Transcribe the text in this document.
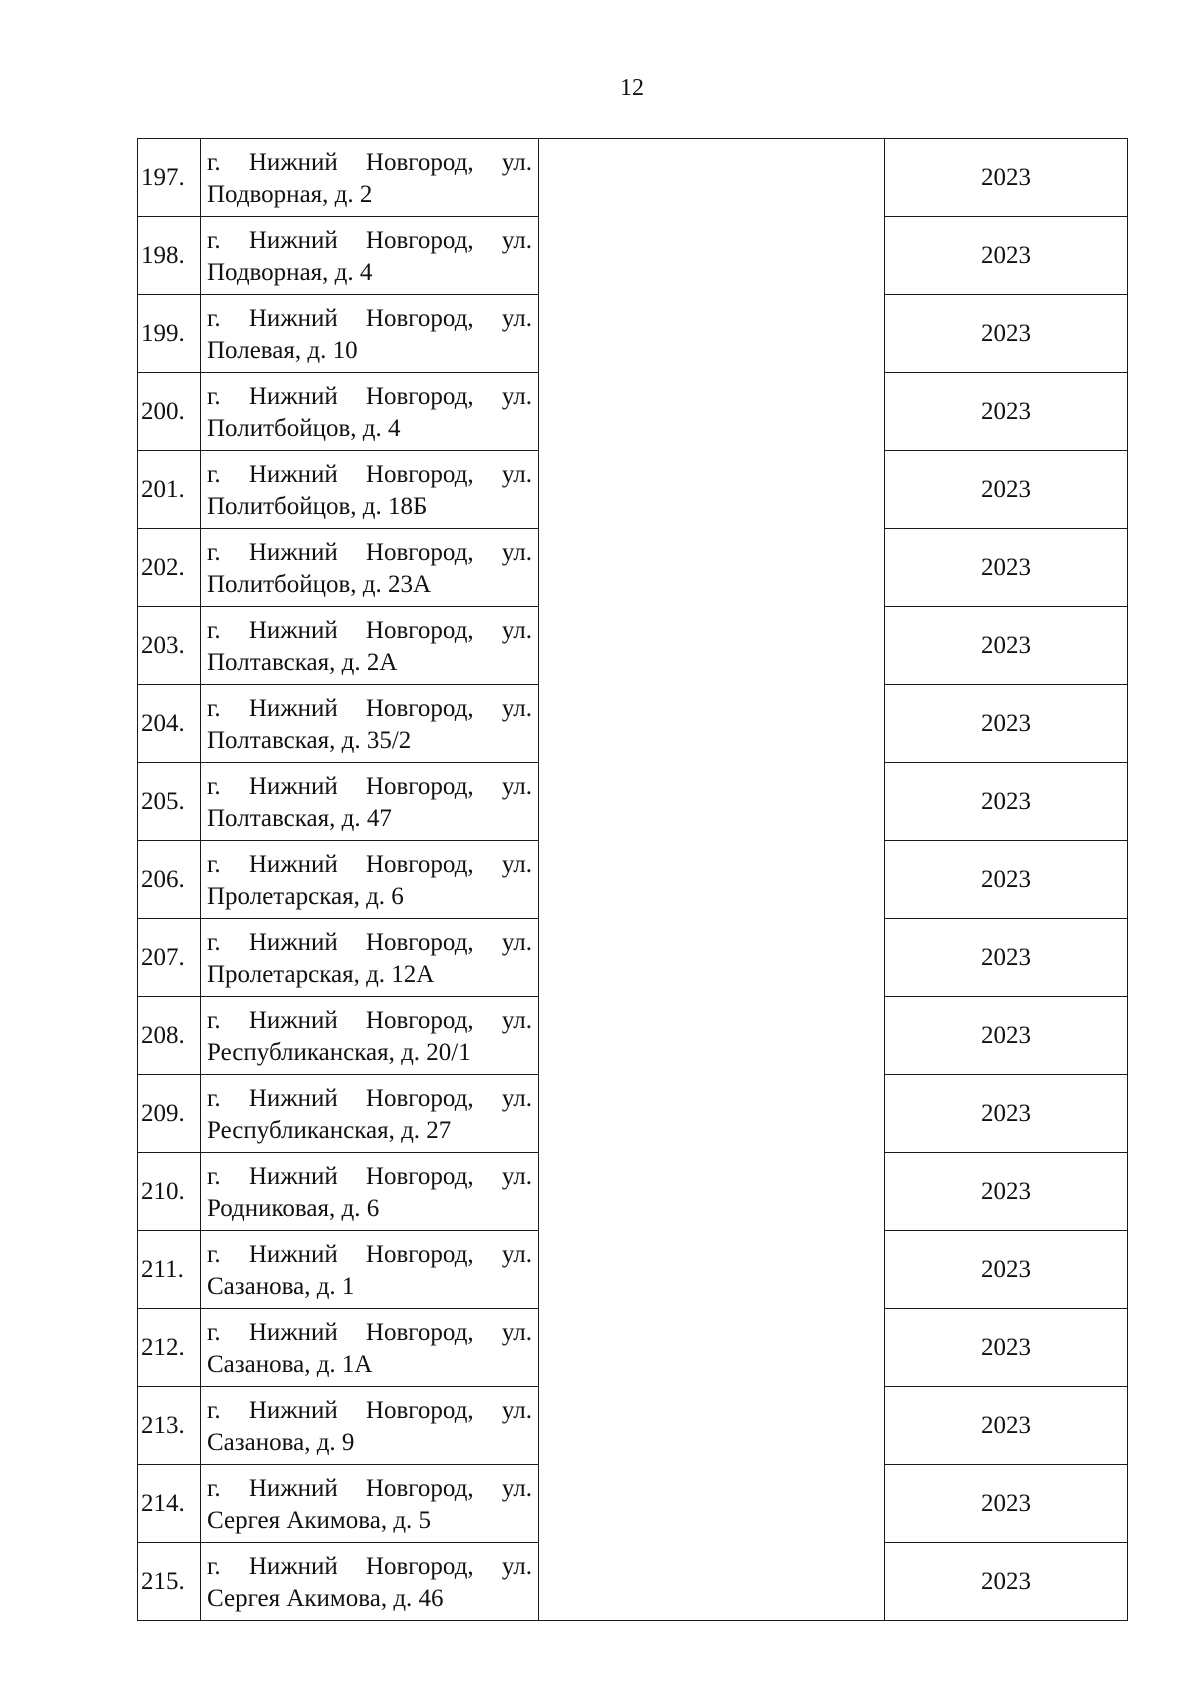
12
197.	г. Нижний Новгород, ул.
Подворная, д. 2		2023
198.	г. Нижний Новгород, ул.
Подворная, д. 4		2023
199.	г. Нижний Новгород, ул.
Полевая, д. 10		2023
200.	г. Нижний Новгород, ул.
Политбойцов, д. 4		2023
201.	г. Нижний Новгород, ул.
Политбойцов, д. 18Б		2023
202.	г. Нижний Новгород, ул.
Политбойцов, д. 23А		2023
203.	г. Нижний Новгород, ул.
Полтавская, д. 2А		2023
204.	г. Нижний Новгород, ул.
Полтавская, д. 35/2		2023
205.	г. Нижний Новгород, ул.
Полтавская, д. 47		2023
206.	г. Нижний Новгород, ул.
Пролетарская, д. 6		2023
207.	г. Нижний Новгород, ул.
Пролетарская, д. 12А		2023
208.	г. Нижний Новгород, ул.
Республиканская, д. 20/1		2023
209.	г. Нижний Новгород, ул.
Республиканская, д. 27		2023
210.	г. Нижний Новгород, ул.
Родниковая, д. 6		2023
211.	г. Нижний Новгород, ул.
Сазанова, д. 1		2023
212.	г. Нижний Новгород, ул.
Сазанова, д. 1А		2023
213.	г. Нижний Новгород, ул.
Сазанова, д. 9		2023
214.	г. Нижний Новгород, ул.
Сергея Акимова, д. 5		2023
215.	г. Нижний Новгород, ул.
Сергея Акимова, д. 46		2023
